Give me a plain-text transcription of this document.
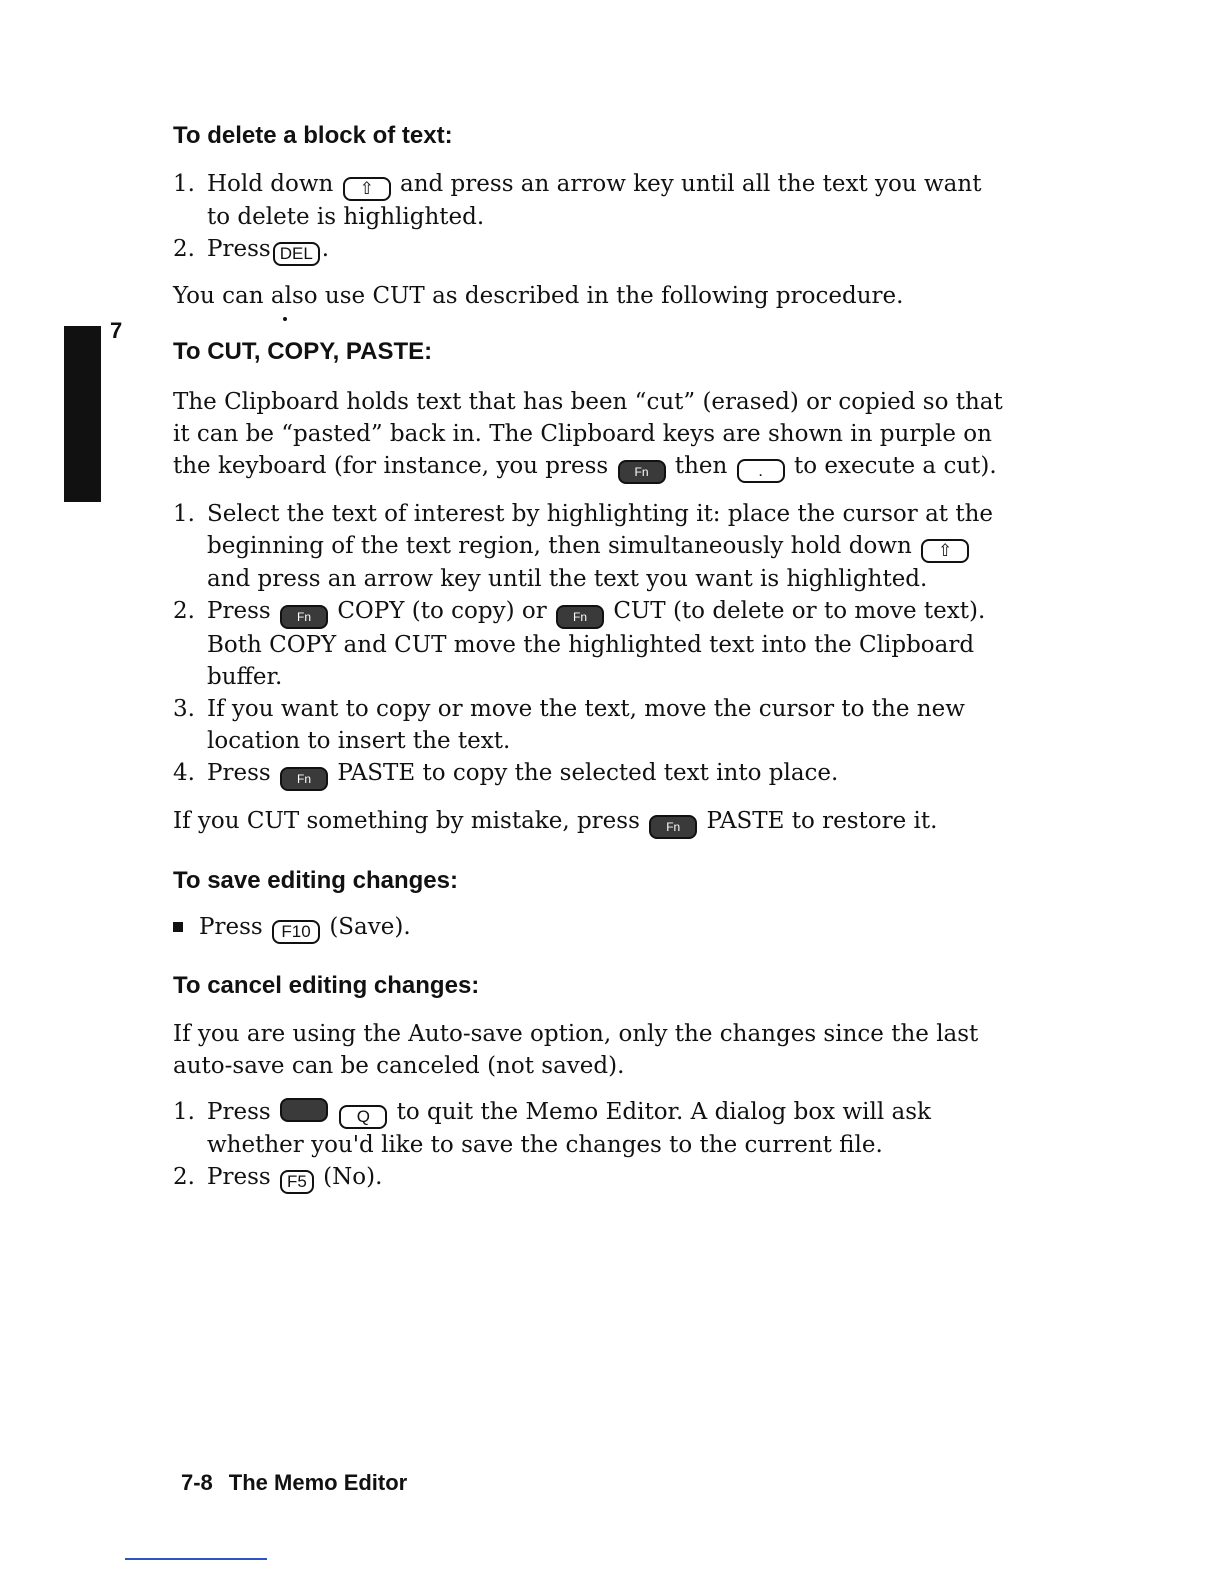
7
To delete a block of text:
1. Hold down ⇧ and press an arrow key until all the text you want to delete is highlighted.
2. Press DEL .

You can also use CUT as described in the following procedure.

To CUT, COPY, PASTE:

The Clipboard holds text that has been “cut” (erased) or copied so that it can be “pasted” back in. The Clipboard keys are shown in purple on the keyboard (for instance, you press Fn then . to execute a cut).

1. Select the text of interest by highlighting it: place the cursor at the beginning of the text region, then simultaneously hold down ⇧ and press an arrow key until the text you want is highlighted.
2. Press Fn COPY (to copy) or Fn CUT (to delete or to move text). Both COPY and CUT move the highlighted text into the Clipboard buffer.
3. If you want to copy or move the text, move the cursor to the new location to insert the text.
4. Press Fn PASTE to copy the selected text into place.

If you CUT something by mistake, press Fn PASTE to restore it.

To save editing changes:

Press F10 (Save).

To cancel editing changes:

If you are using the Auto-save option, only the changes since the last auto-save can be canceled (not saved).

1. Press	Q to quit the Memo Editor. A dialog box will ask whether you'd like to save the changes to the current file.
2. Press F5 (No).
7-8 The Memo Editor
